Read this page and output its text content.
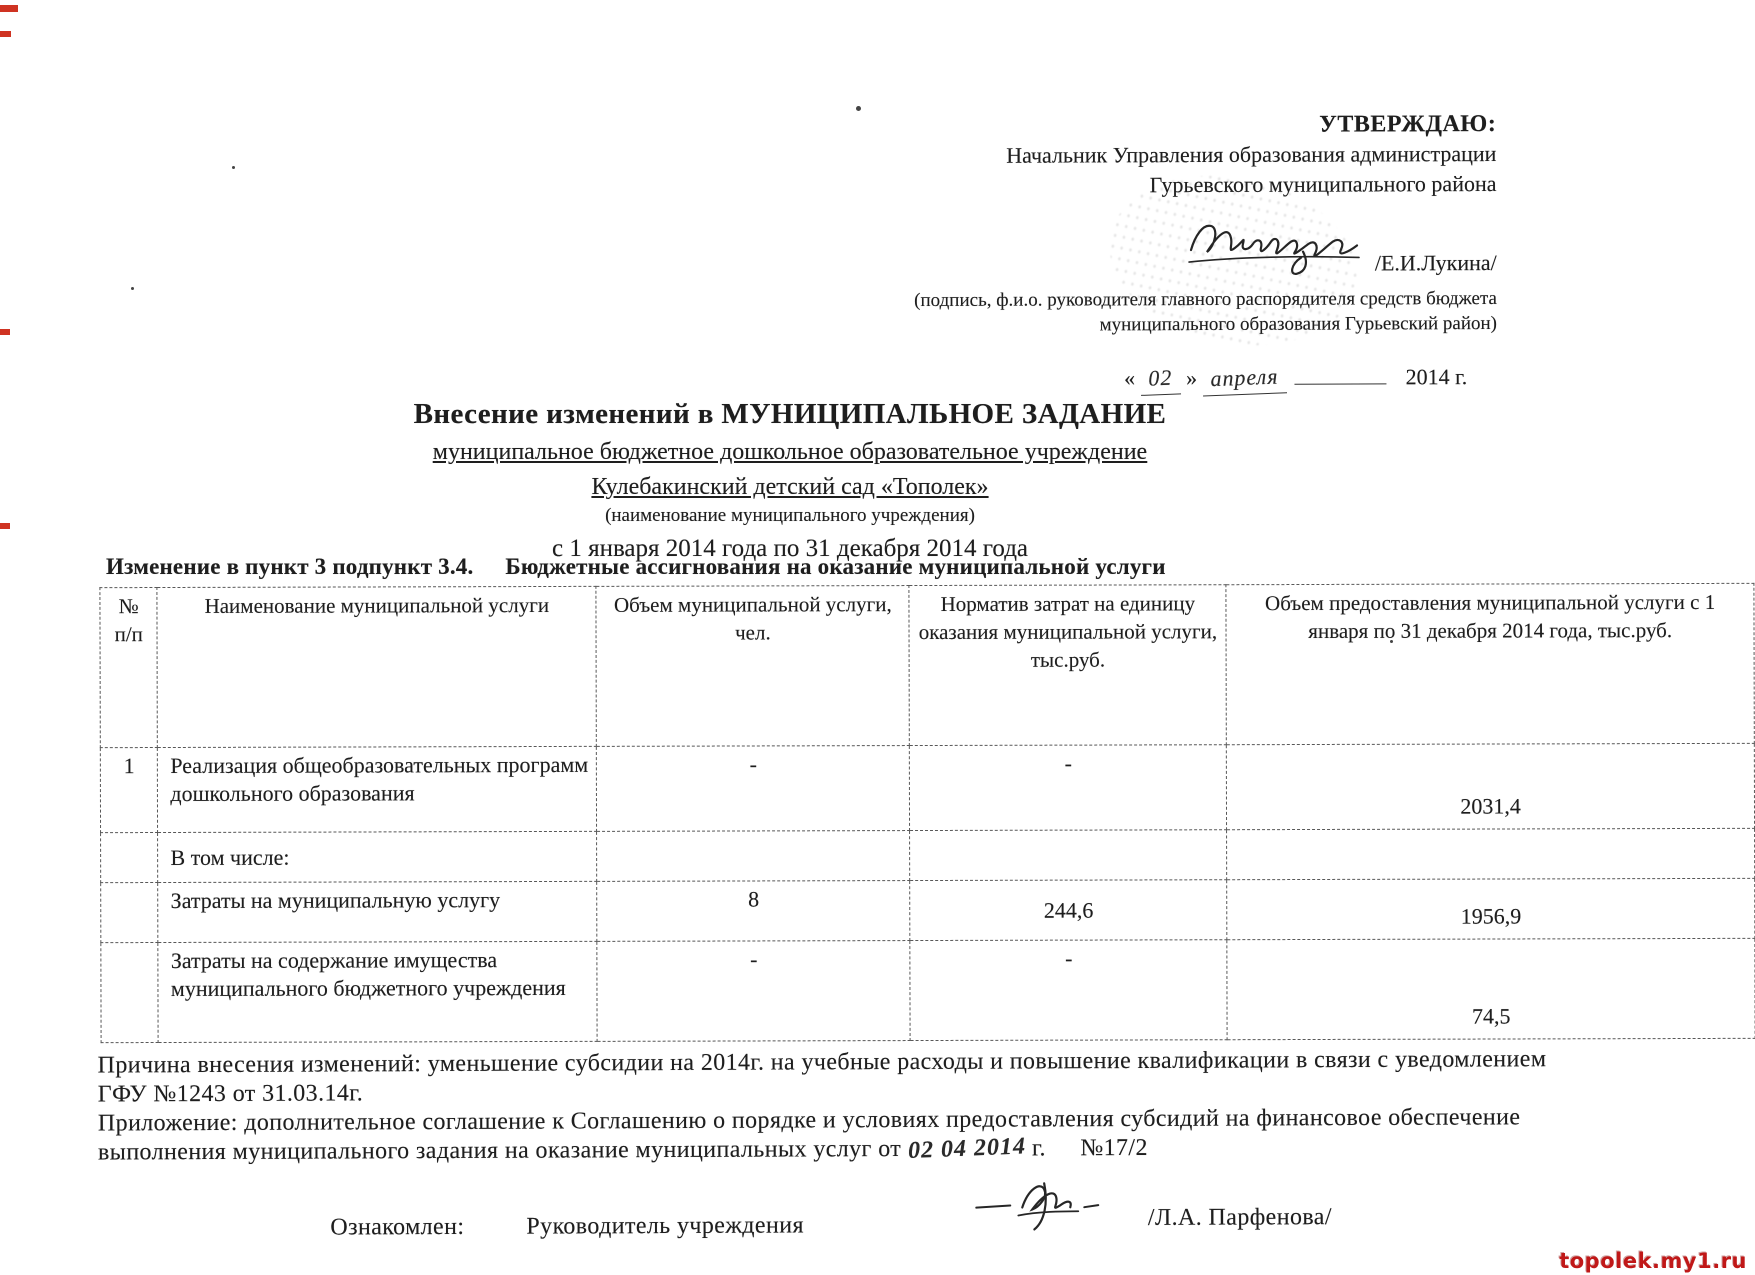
УТВЕРЖДАЮ:
Начальник Управления образования администрации
Гурьевского муниципального района
/Е.И.Лукина/
(подпись, ф.и.о. руководителя главного распорядителя средств бюджета
муниципального образования Гурьевский район)
« 02 » апреля	2014 г.
Внесение изменений в МУНИЦИПАЛЬНОЕ ЗАДАНИЕ
муниципальное бюджетное дошкольное образовательное учреждение
Кулебакинский детский сад «Тополек»
(наименование муниципального учреждения)
с 1 января 2014 года по 31 декабря 2014 года
Изменение в пункт 3 подпункт 3.4. Бюджетные ассигнования на оказание муниципальной услуги
№ п/п	Наименование муниципальной услуги	Объем муниципальной услуги, чел.	Норматив затрат на единицу оказания муниципальной услуги, тыс.руб.	Объем предоставления муниципальной услуги с 1 января по 31 декабря 2014 года, тыс.руб.
1	Реализация общеобразовательных программ дошкольного образования	-	-	2031,4
	В том числе:			
	Затраты на муниципальную услугу	8	244,6	1956,9
	Затраты на содержание имущества муниципального бюджетного учреждения	-	-	74,5
Причина внесения изменений: уменьшение субсидии на 2014г. на учебные расходы и повышение квалификации в связи с уведомлением
ГФУ №1243 от 31.03.14г.
Приложение: дополнительное соглашение к Соглашению о порядке и условиях предоставления субсидий на финансовое обеспечение
выполнения муниципального задания на оказание муниципальных услуг от 02 04 2014 г. №17/2
Ознакомлен:	Руководитель учреждения	/Л.А. Парфенова/
topolek.my1.ru
